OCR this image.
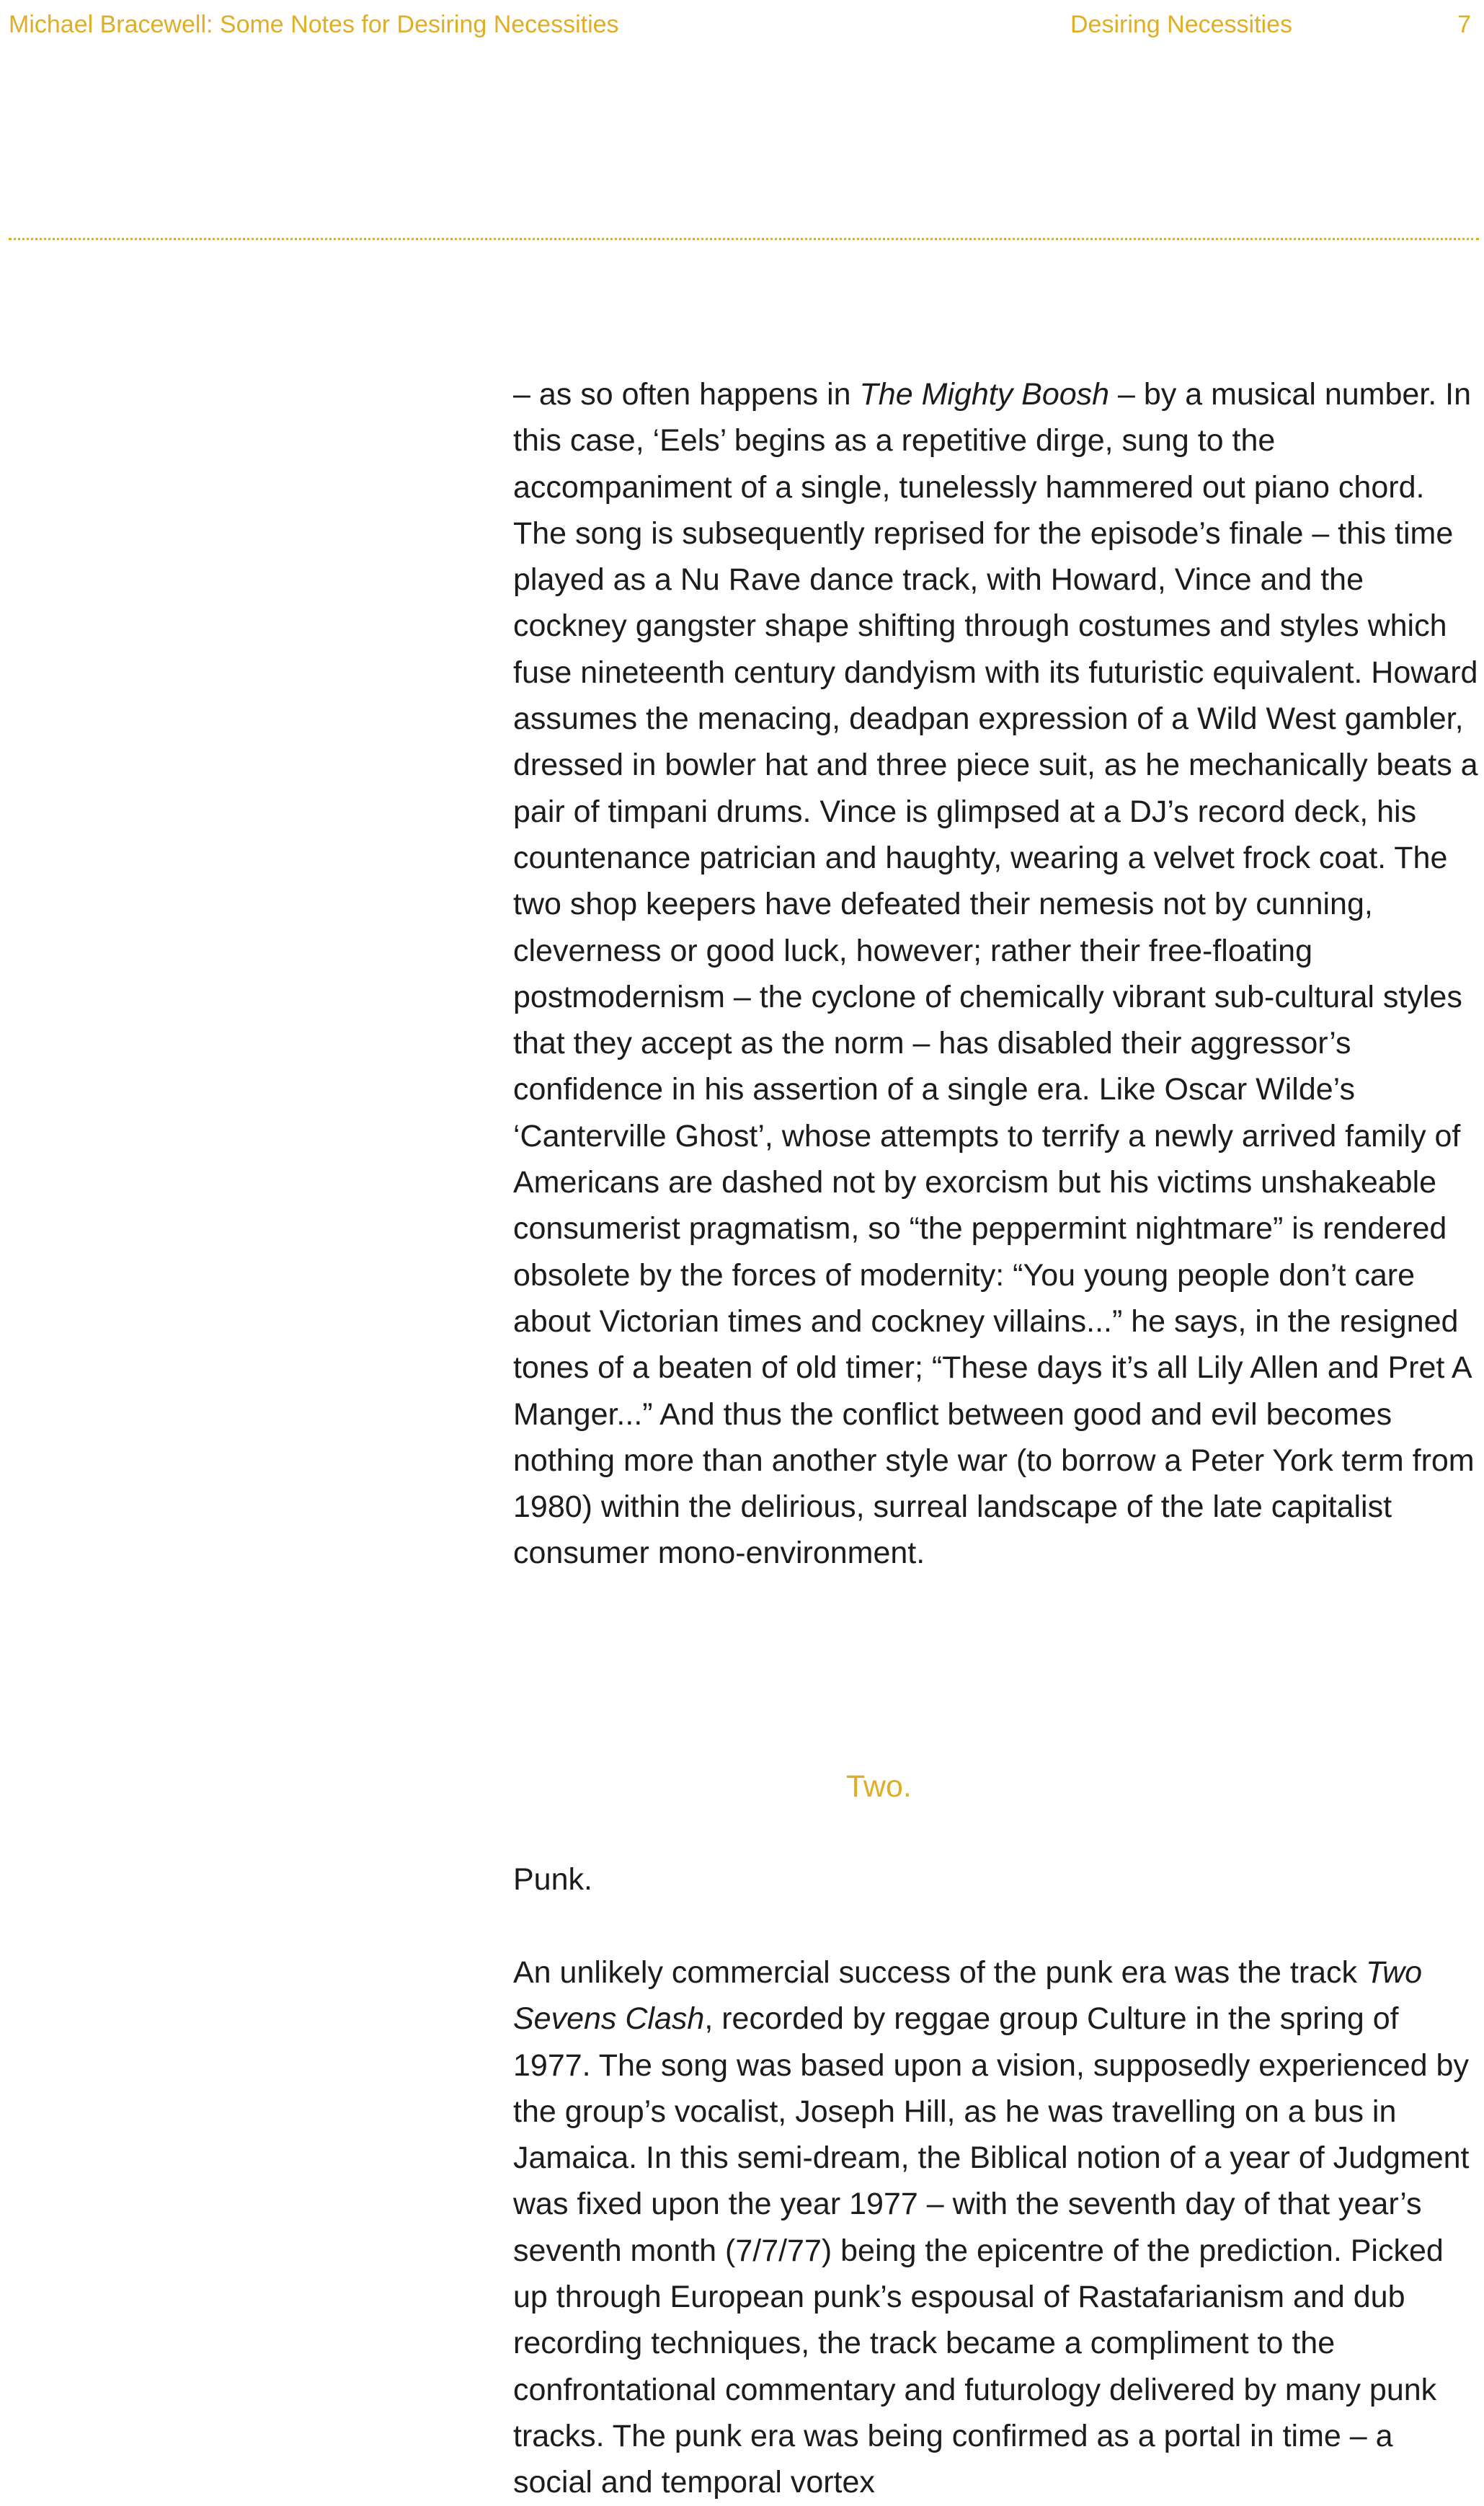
Michael Bracewell: Some Notes for Desiring Necessities	Desiring Necessities	7

– as so often happens in The Mighty Boosh – by a musical number. In this case, ‘Eels’ begins as a repetitive dirge, sung to the accompaniment of a single, tunelessly hammered out piano chord. The song is subsequently reprised for the episode’s finale – this time played as a Nu Rave dance track, with Howard, Vince and the cockney gangster shape shifting through costumes and styles which fuse nineteenth century dandyism with its futuristic equivalent. Howard assumes the menacing, deadpan expression of a Wild West gambler, dressed in bowler hat and three piece suit, as he mechanically beats a pair of timpani drums. Vince is glimpsed at a DJ’s record deck, his countenance patrician and haughty, wearing a velvet frock coat. The two shop keepers have defeated their nemesis not by cunning, cleverness or good luck, however; rather their free-floating postmodernism – the cyclone of chemically vibrant sub-cultural styles that they accept as the norm – has disabled their aggressor’s confidence in his assertion of a single era. Like Oscar Wilde’s ‘Canterville Ghost’, whose attempts to terrify a newly arrived family of Americans are dashed not by exorcism but his victims unshakeable consumerist pragmatism, so “the peppermint nightmare” is rendered obsolete by the forces of modernity: “You young people don’t care about Victorian times and cockney villains...” he says, in the resigned tones of a beaten of old timer; “These days it’s all Lily Allen and Pret A Manger...” And thus the conflict between good and evil becomes nothing more than another style war (to borrow a Peter York term from 1980) within the delirious, surreal landscape of the late capitalist consumer mono-environment.

Two.
Punk.

An unlikely commercial success of the punk era was the track Two Sevens Clash, recorded by reggae group Culture in the spring of 1977. The song was based upon a vision, supposedly experienced by the group’s vocalist, Joseph Hill, as he was travelling on a bus in Jamaica. In this semi-dream, the Biblical notion of a year of Judgment was fixed upon the year 1977 – with the seventh day of that year’s seventh month (7/7/77) being the epicentre of the prediction. Picked up through European punk’s espousal of Rastafarianism and dub recording techniques, the track became a compliment to the confrontational commentary and futurology delivered by many punk tracks. The punk era was being confirmed as a portal in time – a social and temporal vortex
